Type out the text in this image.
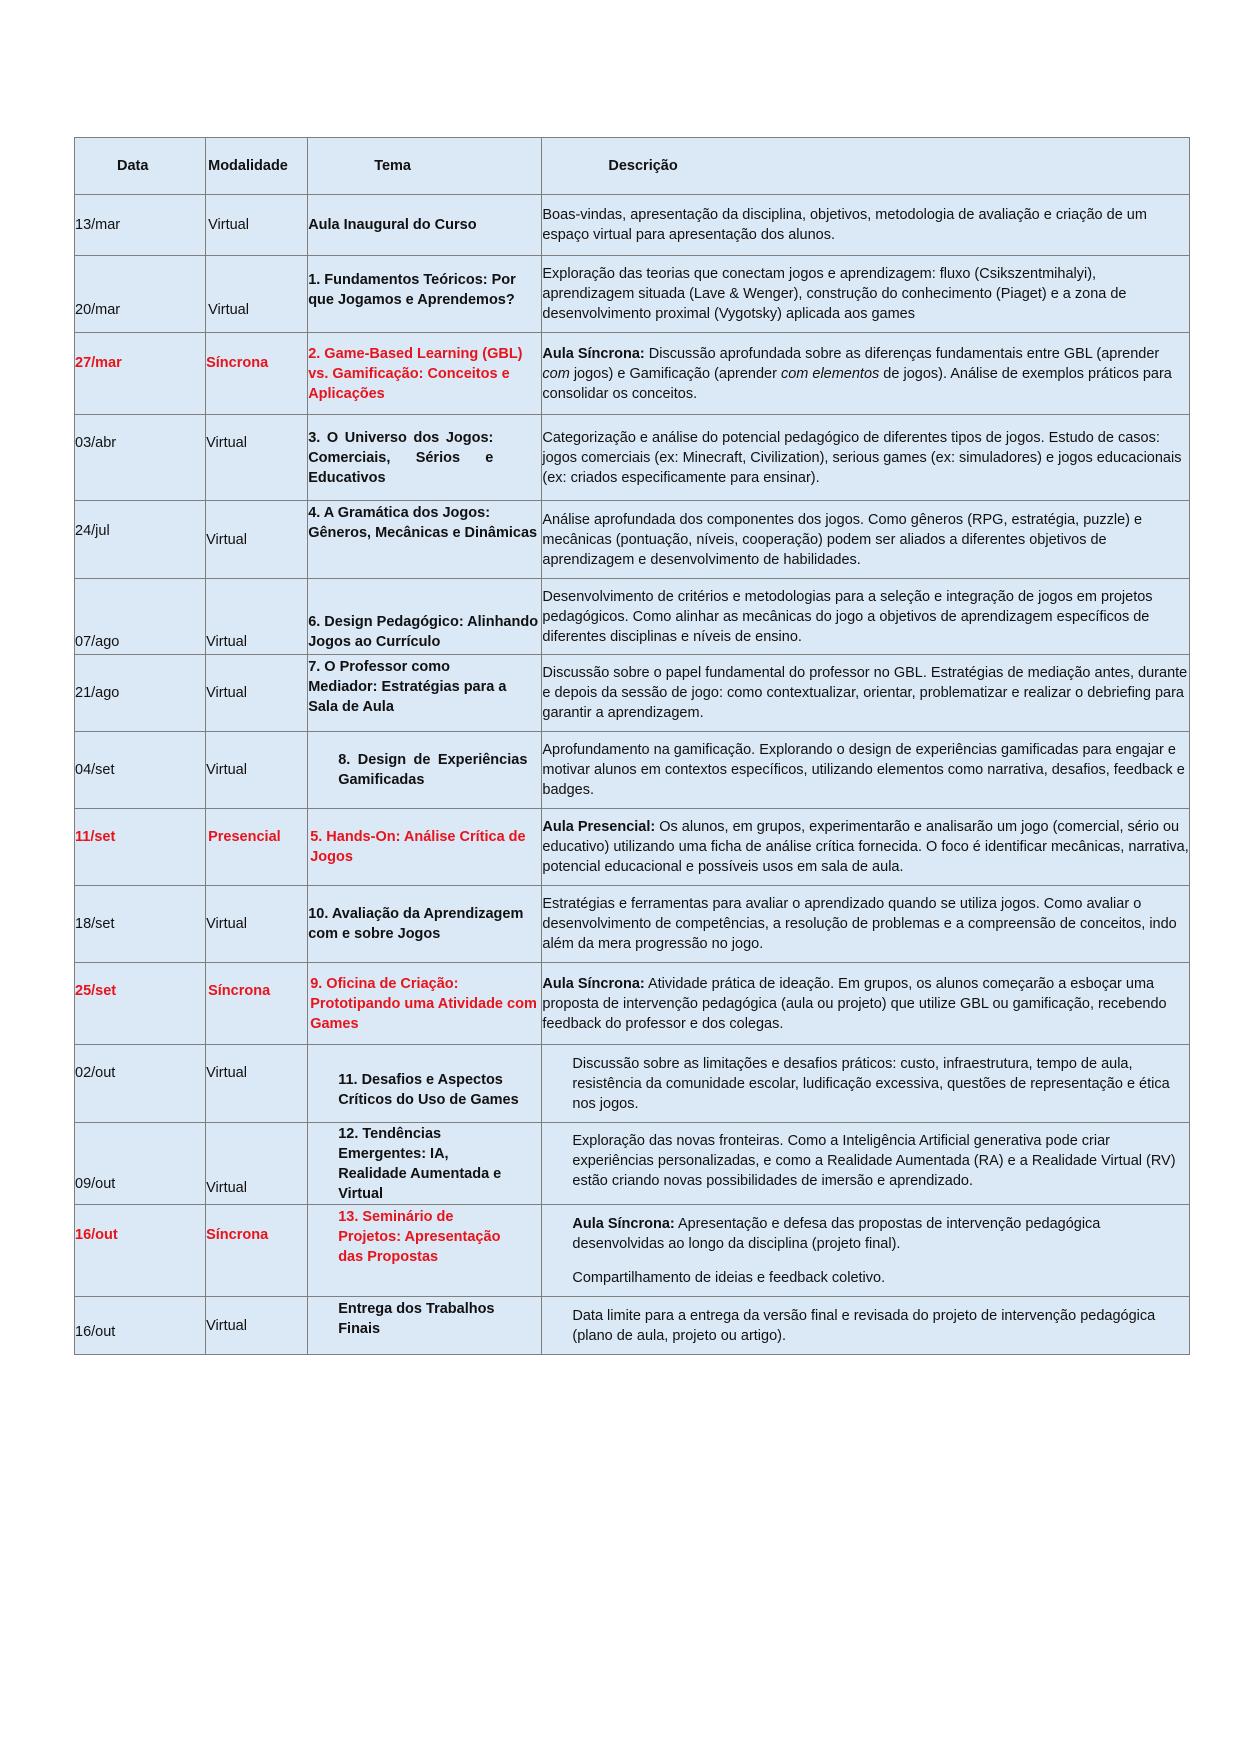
Data	Modalidade	Tema	Descrição
13/mar	Virtual	Aula Inaugural do Curso	Boas-vindas, apresentação da disciplina, objetivos, metodologia de avaliação e criação de um espaço virtual para apresentação dos alunos.
20/mar	Virtual	1. Fundamentos Teóricos: Por que Jogamos e Aprendemos?	Exploração das teorias que conectam jogos e aprendizagem: fluxo (Csikszentmihalyi), aprendizagem situada (Lave & Wenger), construção do conhecimento (Piaget) e a zona de desenvolvimento proximal (Vygotsky) aplicada aos games
27/mar	Síncrona	2. Game-Based Learning (GBL) vs. Gamificação: Conceitos e Aplicações	Aula Síncrona: Discussão aprofundada sobre as diferenças fundamentais entre GBL (aprender com jogos) e Gamificação (aprender com elementos de jogos). Análise de exemplos práticos para consolidar os conceitos.
03/abr	Virtual	3. O Universo dos Jogos: Comerciais, Sérios e Educativos	Categorização e análise do potencial pedagógico de diferentes tipos de jogos. Estudo de casos: jogos comerciais (ex: Minecraft, Civilization), serious games (ex: simuladores) e jogos educacionais (ex: criados especificamente para ensinar).
24/jul	Virtual	4. A Gramática dos Jogos: Gêneros, Mecânicas e Dinâmicas	Análise aprofundada dos componentes dos jogos. Como gêneros (RPG, estratégia, puzzle) e mecânicas (pontuação, níveis, cooperação) podem ser aliados a diferentes objetivos de aprendizagem e desenvolvimento de habilidades.
07/ago	Virtual	6. Design Pedagógico: Alinhando Jogos ao Currículo	Desenvolvimento de critérios e metodologias para a seleção e integração de jogos em projetos pedagógicos. Como alinhar as mecânicas do jogo a objetivos de aprendizagem específicos de diferentes disciplinas e níveis de ensino.
21/ago	Virtual	7. O Professor como Mediador: Estratégias para a Sala de Aula	Discussão sobre o papel fundamental do professor no GBL. Estratégias de mediação antes, durante e depois da sessão de jogo: como contextualizar, orientar, problematizar e realizar o debriefing para garantir a aprendizagem.
04/set	Virtual	8. Design de Experiências Gamificadas	Aprofundamento na gamificação. Explorando o design de experiências gamificadas para engajar e motivar alunos em contextos específicos, utilizando elementos como narrativa, desafios, feedback e badges.
11/set	Presencial	5. Hands-On: Análise Crítica de Jogos	Aula Presencial: Os alunos, em grupos, experimentarão e analisarão um jogo (comercial, sério ou educativo) utilizando uma ficha de análise crítica fornecida. O foco é identificar mecânicas, narrativa, potencial educacional e possíveis usos em sala de aula.
18/set	Virtual	10. Avaliação da Aprendizagem com e sobre Jogos	Estratégias e ferramentas para avaliar o aprendizado quando se utiliza jogos. Como avaliar o desenvolvimento de competências, a resolução de problemas e a compreensão de conceitos, indo além da mera progressão no jogo.
25/set	Síncrona	9. Oficina de Criação: Prototipando uma Atividade com Games	Aula Síncrona: Atividade prática de ideação. Em grupos, os alunos começarão a esboçar uma proposta de intervenção pedagógica (aula ou projeto) que utilize GBL ou gamificação, recebendo feedback do professor e dos colegas.
02/out	Virtual	11. Desafios e Aspectos Críticos do Uso de Games	Discussão sobre as limitações e desafios práticos: custo, infraestrutura, tempo de aula, resistência da comunidade escolar, ludificação excessiva, questões de representação e ética nos jogos.
09/out	Virtual	12. Tendências Emergentes: IA, Realidade Aumentada e Virtual	Exploração das novas fronteiras. Como a Inteligência Artificial generativa pode criar experiências personalizadas, e como a Realidade Aumentada (RA) e a Realidade Virtual (RV) estão criando novas possibilidades de imersão e aprendizado.
16/out	Síncrona	13. Seminário de Projetos: Apresentação das Propostas	Aula Síncrona: Apresentação e defesa das propostas de intervenção pedagógica desenvolvidas ao longo da disciplina (projeto final).
Compartilhamento de ideias e feedback coletivo.
16/out	Virtual	Entrega dos Trabalhos Finais	Data limite para a entrega da versão final e revisada do projeto de intervenção pedagógica (plano de aula, projeto ou artigo).
